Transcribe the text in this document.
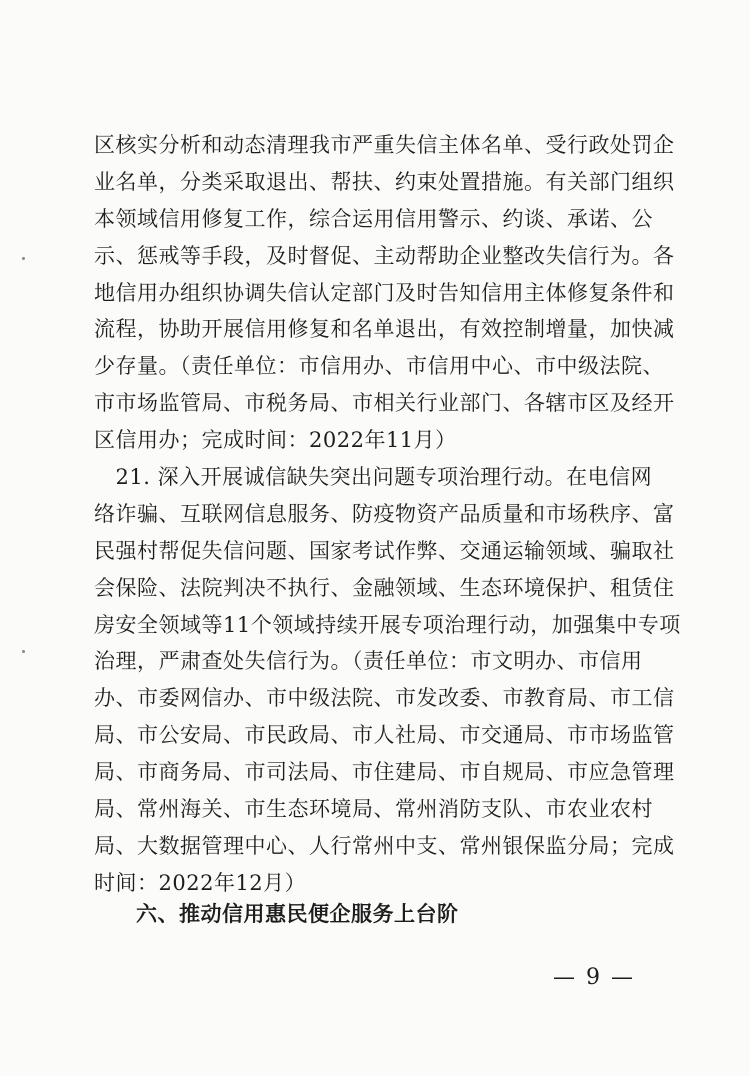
区核实分析和动态清理我市严重失信主体名单、受行政处罚企
业名单，分类采取退出、帮扶、约束处置措施。有关部门组织
本领域信用修复工作，综合运用信用警示、约谈、承诺、公
示、惩戒等手段，及时督促、主动帮助企业整改失信行为。各
地信用办组织协调失信认定部门及时告知信用主体修复条件和
流程，协助开展信用修复和名单退出，有效控制增量，加快减
少存量。（责任单位：市信用办、市信用中心、市中级法院、
市市场监管局、市税务局、市相关行业部门、各辖市区及经开
区信用办；完成时间：2022年11月）
　21. 深入开展诚信缺失突出问题专项治理行动。在电信网
络诈骗、互联网信息服务、防疫物资产品质量和市场秩序、富
民强村帮促失信问题、国家考试作弊、交通运输领域、骗取社
会保险、法院判决不执行、金融领域、生态环境保护、租赁住
房安全领域等11个领域持续开展专项治理行动，加强集中专项
治理，严肃查处失信行为。（责任单位：市文明办、市信用
办、市委网信办、市中级法院、市发改委、市教育局、市工信
局、市公安局、市民政局、市人社局、市交通局、市市场监管
局、市商务局、市司法局、市住建局、市自规局、市应急管理
局、常州海关、市生态环境局、常州消防支队、市农业农村
局、大数据管理中心、人行常州中支、常州银保监分局；完成
时间：2022年12月）
六、推动信用惠民便企服务上台阶
— 9 —
